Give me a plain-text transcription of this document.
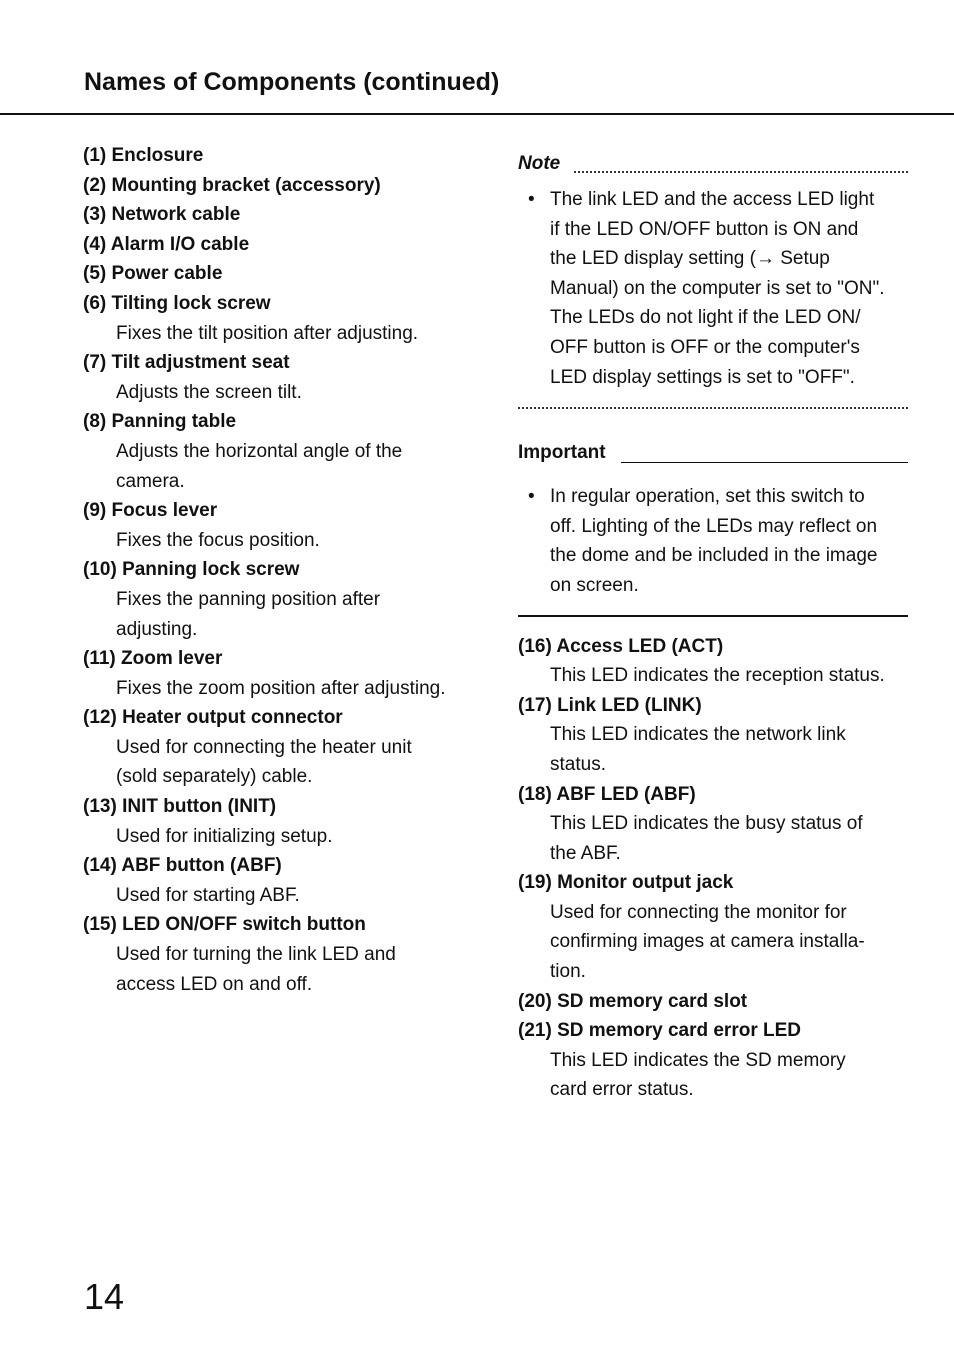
Names of Components (continued)
(1) Enclosure
(2) Mounting bracket (accessory)
(3) Network cable
(4) Alarm I/O cable
(5) Power cable
(6) Tilting lock screw
Fixes the tilt position after adjusting.
(7) Tilt adjustment seat
Adjusts the screen tilt.
(8) Panning table
Adjusts the horizontal angle of the
camera.
(9) Focus lever
Fixes the focus position.
(10) Panning lock screw
Fixes the panning position after
adjusting.
(11) Zoom lever
Fixes the zoom position after adjusting.
(12) Heater output connector
Used for connecting the heater unit
(sold separately) cable.
(13) INIT button (INIT)
Used for initializing setup.
(14) ABF button (ABF)
Used for starting ABF.
(15) LED ON/OFF switch button
Used for turning the link LED and
access LED on and off.
Note
• The link LED and the access LED light
if the LED ON/OFF button is ON and
the LED display setting (→ Setup
Manual) on the computer is set to "ON".
The LEDs do not light if the LED ON/
OFF button is OFF or the computer's
LED display settings is set to "OFF".
Important
• In regular operation, set this switch to
off. Lighting of the LEDs may reflect on
the dome and be included in the image
on screen.
(16) Access LED (ACT)
This LED indicates the reception status.
(17) Link LED (LINK)
This LED indicates the network link
status.
(18) ABF LED (ABF)
This LED indicates the busy status of
the ABF.
(19) Monitor output jack
Used for connecting the monitor for
confirming images at camera installa-
tion.
(20) SD memory card slot
(21) SD memory card error LED
This LED indicates the SD memory
card error status.
14
